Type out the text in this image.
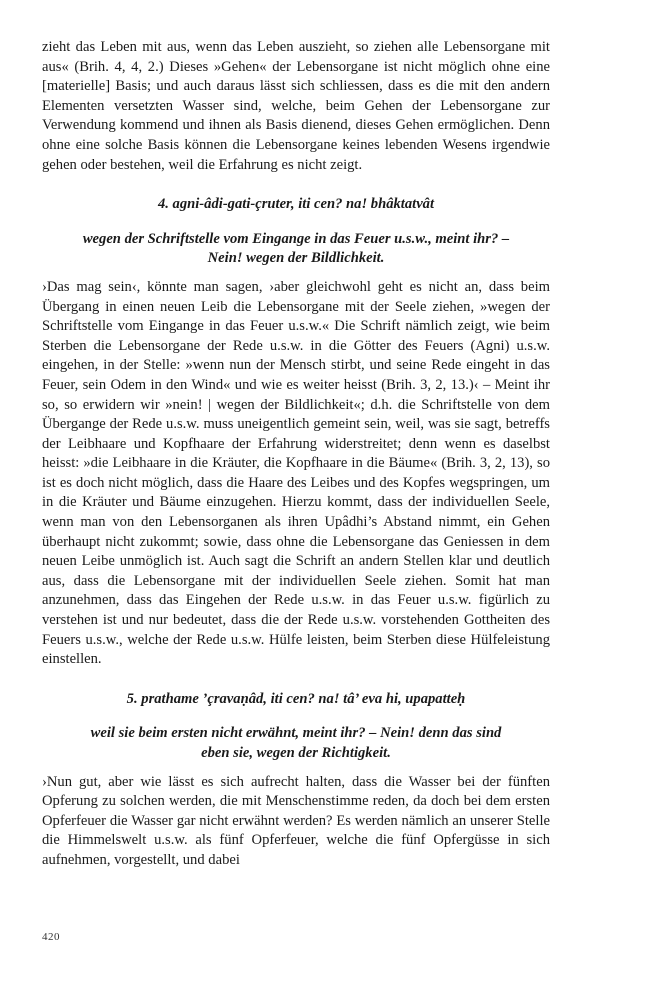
zieht das Leben mit aus, wenn das Leben auszieht, so ziehen alle Lebensorgane mit aus« (Brih. 4, 4, 2.) Dieses »Gehen« der Lebensorgane ist nicht möglich ohne eine [materielle] Basis; und auch daraus lässt sich schliessen, dass es die mit den andern Elementen versetzten Wasser sind, welche, beim Gehen der Lebensorgane zur Verwendung kommend und ihnen als Basis dienend, dieses Gehen ermöglichen. Denn ohne eine solche Basis können die Lebensorgane keines lebenden Wesens irgendwie gehen oder bestehen, weil die Erfahrung es nicht zeigt.

4. agni-âdi-gati-çruter, iti cen? na! bhâktatvât

wegen der Schriftstelle vom Eingange in das Feuer u.s.w., meint ihr? –

Nein! wegen der Bildlichkeit.

›Das mag sein‹, könnte man sagen, ›aber gleichwohl geht es nicht an, dass beim Übergang in einen neuen Leib die Lebensorgane mit der Seele ziehen, »wegen der Schriftstelle vom Eingange in das Feuer u.s.w.« Die Schrift nämlich zeigt, wie beim Sterben die Lebensorgane der Rede u.s.w. in die Götter des Feuers (Agni) u.s.w. eingehen, in der Stelle: »wenn nun der Mensch stirbt, und seine Rede eingeht in das Feuer, sein Odem in den Wind« und wie es weiter heisst (Brih. 3, 2, 13.)‹ – Meint ihr so, so erwidern wir »nein! | wegen der Bildlichkeit«; d.h. die Schriftstelle von dem Übergange der Rede u.s.w. muss uneigentlich gemeint sein, weil, was sie sagt, betreffs der Leibhaare und Kopfhaare der Erfahrung widerstreitet; denn wenn es daselbst heisst: »die Leibhaare in die Kräuter, die Kopfhaare in die Bäume« (Brih. 3, 2, 13), so ist es doch nicht möglich, dass die Haare des Leibes und des Kopfes wegspringen, um in die Kräuter und Bäume einzugehen. Hierzu kommt, dass der individuellen Seele, wenn man von den Lebensorganen als ihren Upâdhi’s Abstand nimmt, ein Gehen überhaupt nicht zukommt; sowie, dass ohne die Lebensorgane das Geniessen in dem neuen Leibe unmöglich ist. Auch sagt die Schrift an andern Stellen klar und deutlich aus, dass die Lebensorgane mit der individuellen Seele ziehen. Somit hat man anzunehmen, dass das Eingehen der Rede u.s.w. in das Feuer u.s.w. figürlich zu verstehen ist und nur bedeutet, dass die der Rede u.s.w. vorstehenden Gottheiten des Feuers u.s.w., welche der Rede u.s.w. Hülfe leisten, beim Sterben diese Hülfeleistung einstellen.

5. prathame ’çravaṇâd, iti cen? na! tâ’ eva hi, upapatteḥ

weil sie beim ersten nicht erwähnt, meint ihr? – Nein! denn das sind

eben sie, wegen der Richtigkeit.

›Nun gut, aber wie lässt es sich aufrecht halten, dass die Wasser bei der fünften Opferung zu solchen werden, die mit Menschenstimme reden, da doch bei dem ersten Opferfeuer die Wasser gar nicht erwähnt werden? Es werden nämlich an unserer Stelle die Himmelswelt u.s.w. als fünf Opferfeuer, welche die fünf Opfergüsse in sich aufnehmen, vorgestellt, und dabei

420
